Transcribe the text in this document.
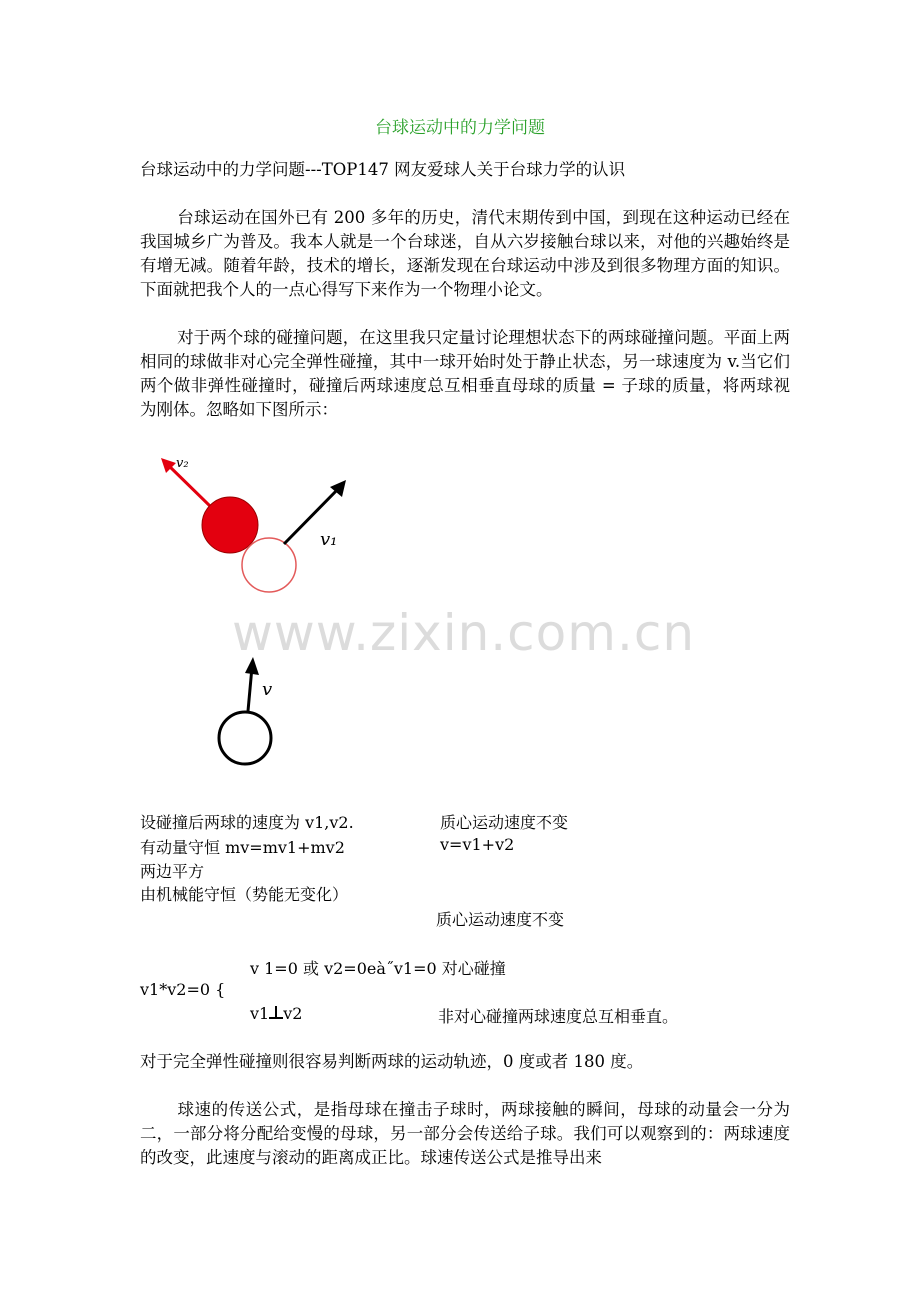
台球运动中的力学问题
台球运动中的力学问题---TOP147 网友爱球人关于台球力学的认识
台球运动在国外已有 200 多年的历史，清代末期传到中国，到现在这种运动已经在我国城乡广为普及。我本人就是一个台球迷，自从六岁接触台球以来，对他的兴趣始终是有增无减。随着年龄，技术的增长，逐渐发现在台球运动中涉及到很多物理方面的知识。下面就把我个人的一点心得写下来作为一个物理小论文。
对于两个球的碰撞问题，在这里我只定量讨论理想状态下的两球碰撞问题。平面上两相同的球做非对心完全弹性碰撞，其中一球开始时处于静止状态，另一球速度为 v.当它们两个做非弹性碰撞时，碰撞后两球速度总互相垂直母球的质量 = 子球的质量，将两球视为刚体。忽略如下图所示：
v₂
v₁
v
www.zixin.com.cn
设碰撞后两球的速度为 v1,v2.	质心运动速度不变
有动量守恒 mv=mv1+mv2	v=v1+v2
两边平方
由机械能守恒（势能无变化）
质心运动速度不变
v 1=0 或 v2=0eà˝v1=0 对心碰撞
v1*v2=0 {
v1 v2	非对心碰撞两球速度总互相垂直。
对于完全弹性碰撞则很容易判断两球的运动轨迹，0 度或者 180 度。
球速的传送公式，是指母球在撞击子球时，两球接触的瞬间，母球的动量会一分为二，一部分将分配给变慢的母球，另一部分会传送给子球。我们可以观察到的：两球速度的改变，此速度与滚动的距离成正比。球速传送公式是推导出来
